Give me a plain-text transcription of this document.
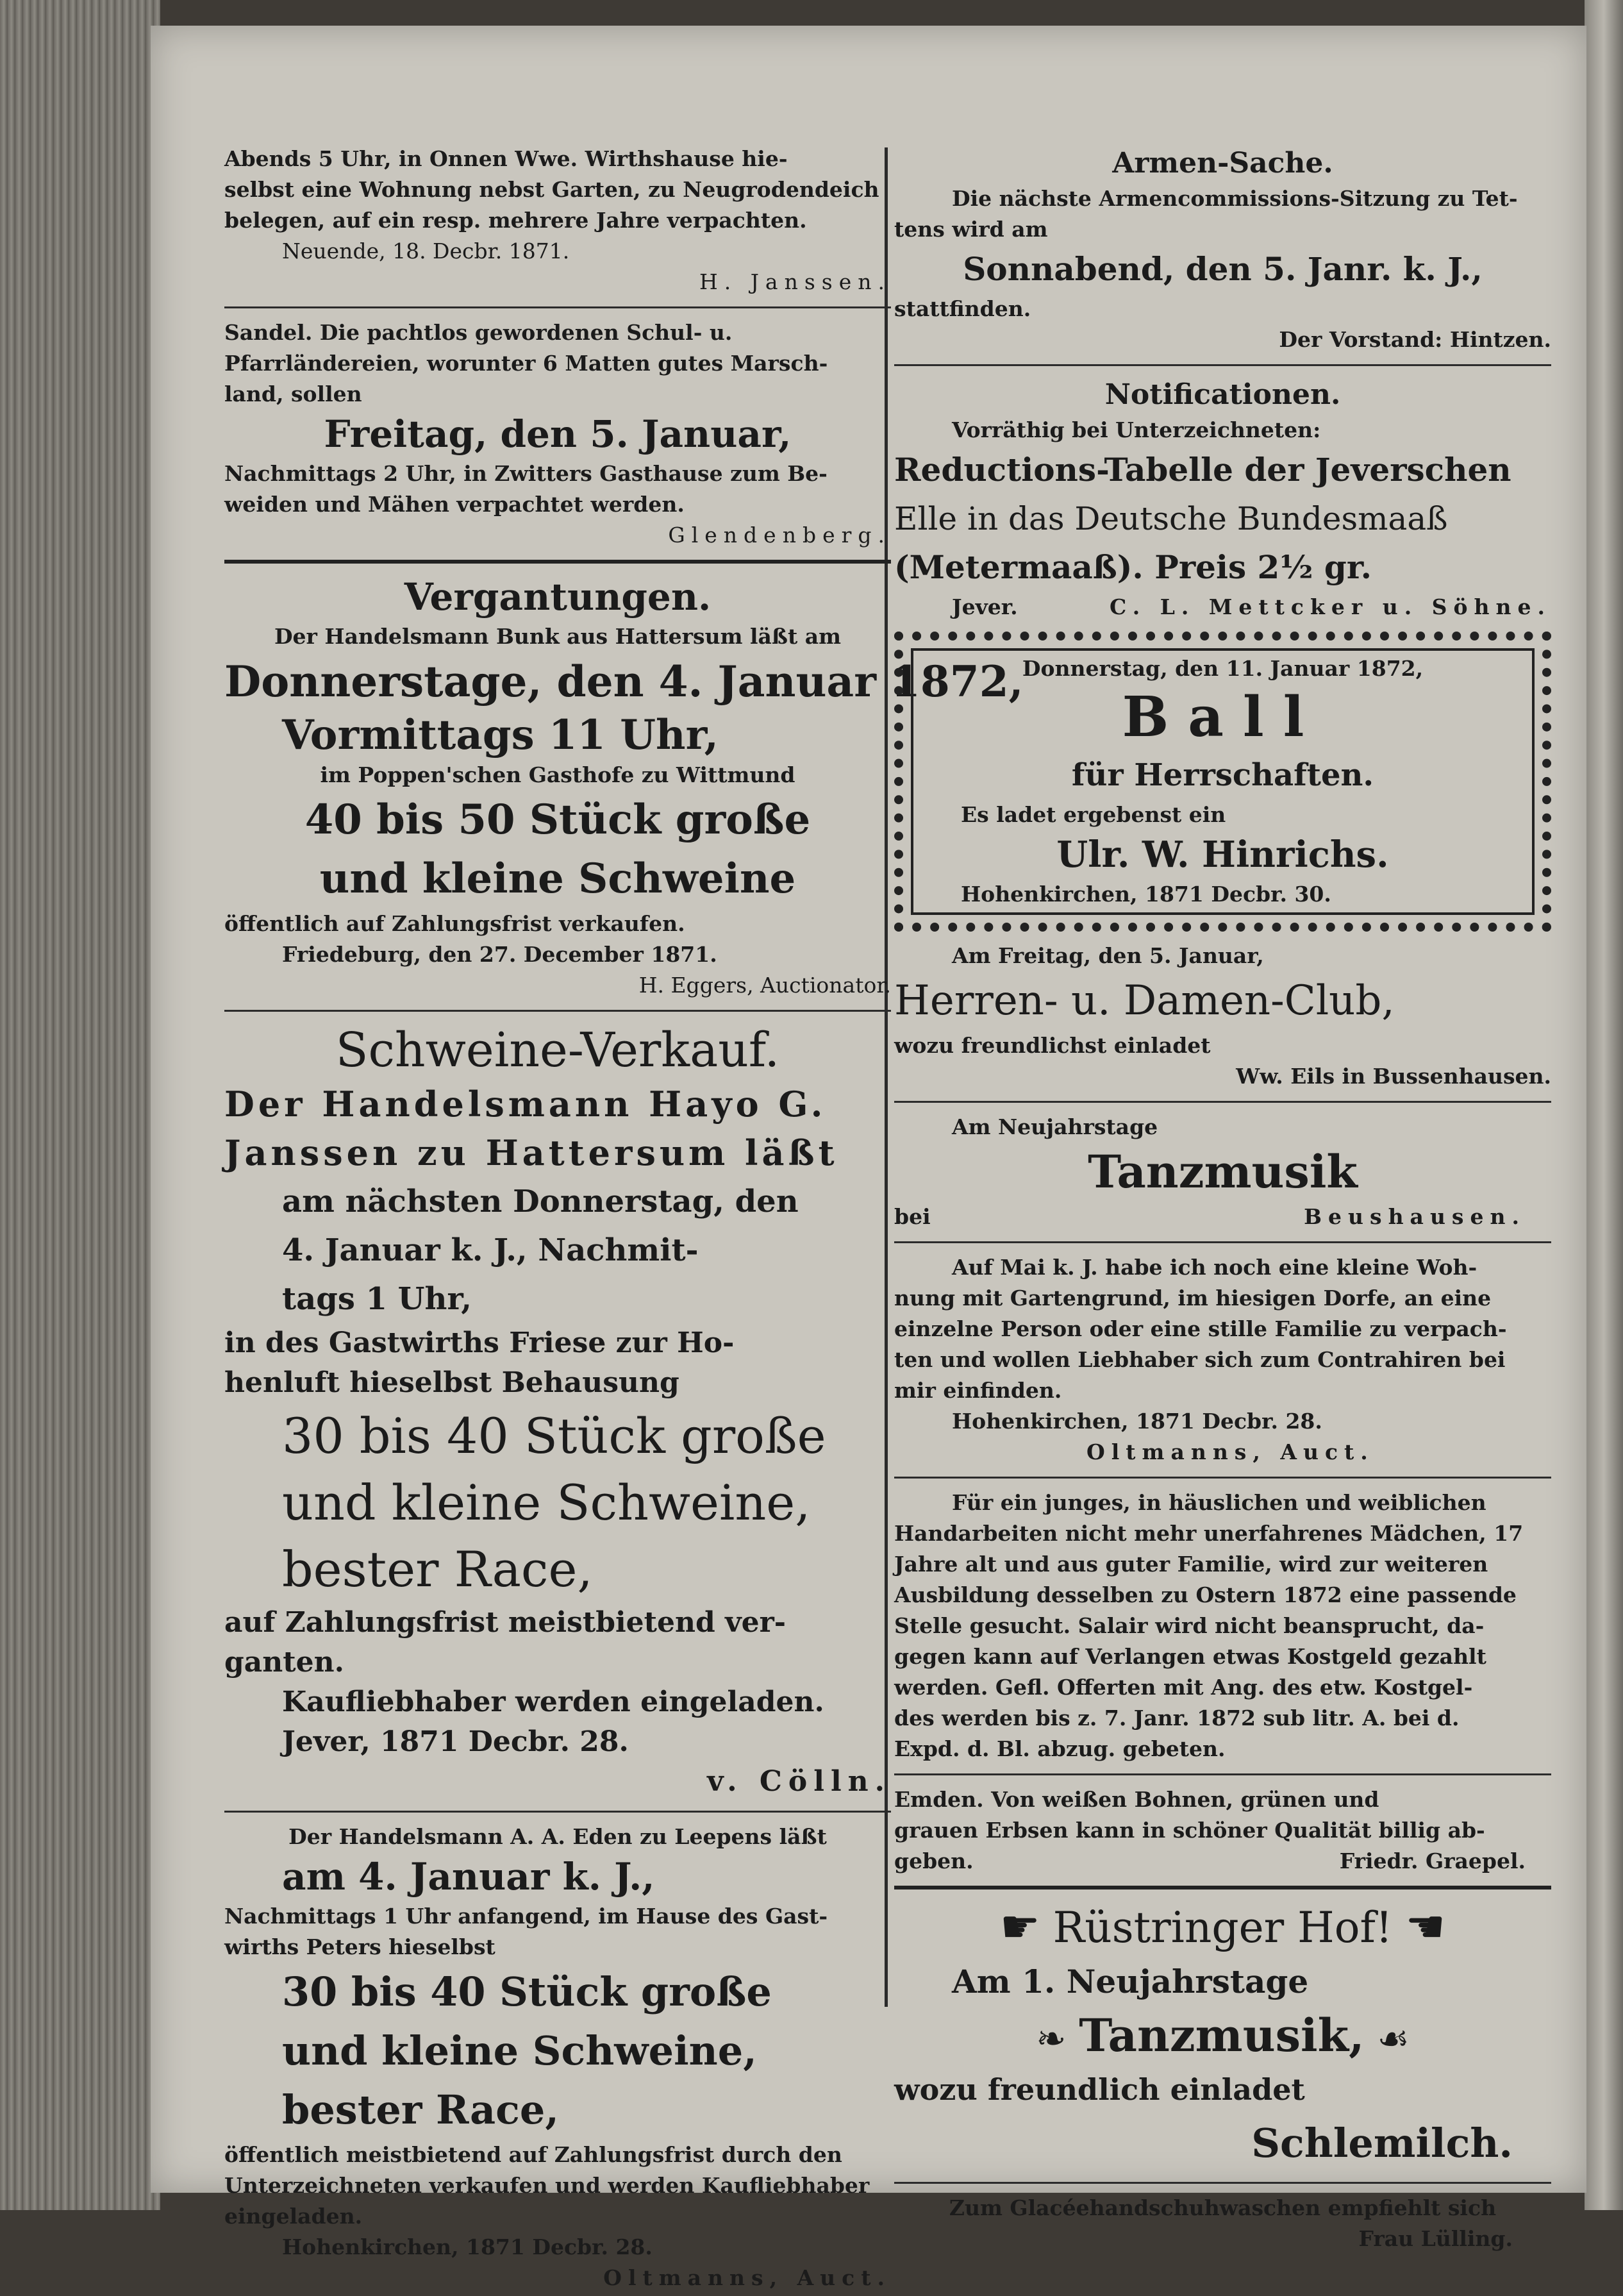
Abends 5 Uhr, in Onnen Wwe. Wirthshause hie-
selbst eine Wohnung nebst Garten, zu Neugrodendeich
belegen, auf ein resp. mehrere Jahre verpachten.
Neuende, 18. Decbr. 1871.
H. Janssen.
Sandel. Die pachtlos gewordenen Schul- u.
Pfarrländereien, worunter 6 Matten gutes Marsch-
land, sollen
Freitag, den 5. Januar,
Nachmittags 2 Uhr, in Zwitters Gasthause zum Be-
weiden und Mähen verpachtet werden.
Glendenberg.
Vergantungen.
Der Handelsmann Bunk aus Hattersum läßt am
Donnerstage, den 4. Januar 1872,
Vormittags 11 Uhr,
im Poppen'schen Gasthofe zu Wittmund
40 bis 50 Stück große
und kleine Schweine
öffentlich auf Zahlungsfrist verkaufen.
Friedeburg, den 27. December 1871.
H. Eggers, Auctionator.
Schweine-Verkauf.
Der Handelsmann Hayo G.
Janssen zu Hattersum läßt
am nächsten Donnerstag, den
4. Januar k. J., Nachmit-
tags 1 Uhr,
in des Gastwirths Friese zur Ho-
henluft hieselbst Behausung
30 bis 40 Stück große
und kleine Schweine,
bester Race,
auf Zahlungsfrist meistbietend ver-
ganten.
Kaufliebhaber werden eingeladen.
Jever, 1871 Decbr. 28.
v. Cölln.
Der Handelsmann A. A. Eden zu Leepens läßt
am 4. Januar k. J.,
Nachmittags 1 Uhr anfangend, im Hause des Gast-
wirths Peters hieselbst
30 bis 40 Stück große
und kleine Schweine,
bester Race,
öffentlich meistbietend auf Zahlungsfrist durch den
Unterzeichneten verkaufen und werden Kaufliebhaber
eingeladen.
Hohenkirchen, 1871 Decbr. 28.
Oltmanns, Auct.
Armen-Sache.
Die nächste Armencommissions-Sitzung zu Tet-
tens wird am
Sonnabend, den 5. Janr. k. J.,
stattfinden.
Der Vorstand: Hintzen.
Notificationen.
Vorräthig bei Unterzeichneten:
Reductions-Tabelle der Jeverschen
Elle in das Deutsche Bundesmaaß
(Metermaaß). Preis 2½ gr.
Jever.	C. L. Mettcker u. Söhne.
Donnerstag, den 11. Januar 1872,
Ball
für Herrschaften.
Es ladet ergebenst ein
Ulr. W. Hinrichs.
Hohenkirchen, 1871 Decbr. 30.
Am Freitag, den 5. Januar,
Herren- u. Damen-Club,
wozu freundlichst einladet
Ww. Eils in Bussenhausen.
Am Neujahrstage
Tanzmusik
bei	Beushausen.
Auf Mai k. J. habe ich noch eine kleine Woh-
nung mit Gartengrund, im hiesigen Dorfe, an eine
einzelne Person oder eine stille Familie zu verpach-
ten und wollen Liebhaber sich zum Contrahiren bei
mir einfinden.
Hohenkirchen, 1871 Decbr. 28.
Oltmanns, Auct.
Für ein junges, in häuslichen und weiblichen
Handarbeiten nicht mehr unerfahrenes Mädchen, 17
Jahre alt und aus guter Familie, wird zur weiteren
Ausbildung desselben zu Ostern 1872 eine passende
Stelle gesucht. Salair wird nicht beansprucht, da-
gegen kann auf Verlangen etwas Kostgeld gezahlt
werden. Gefl. Offerten mit Ang. des etw. Kostgel-
des werden bis z. 7. Janr. 1872 sub litr. A. bei d.
Expd. d. Bl. abzug. gebeten.
Emden. Von weißen Bohnen, grünen und
grauen Erbsen kann in schöner Qualität billig ab-
geben.	Friedr. Graepel.
☛ Rüstringer Hof! ☚
Am 1. Neujahrstage
❧ Tanzmusik, ☙
wozu freundlich einladet
Schlemilch.
Zum Glacéehandschuhwaschen empfiehlt sich
Frau Lülling.
